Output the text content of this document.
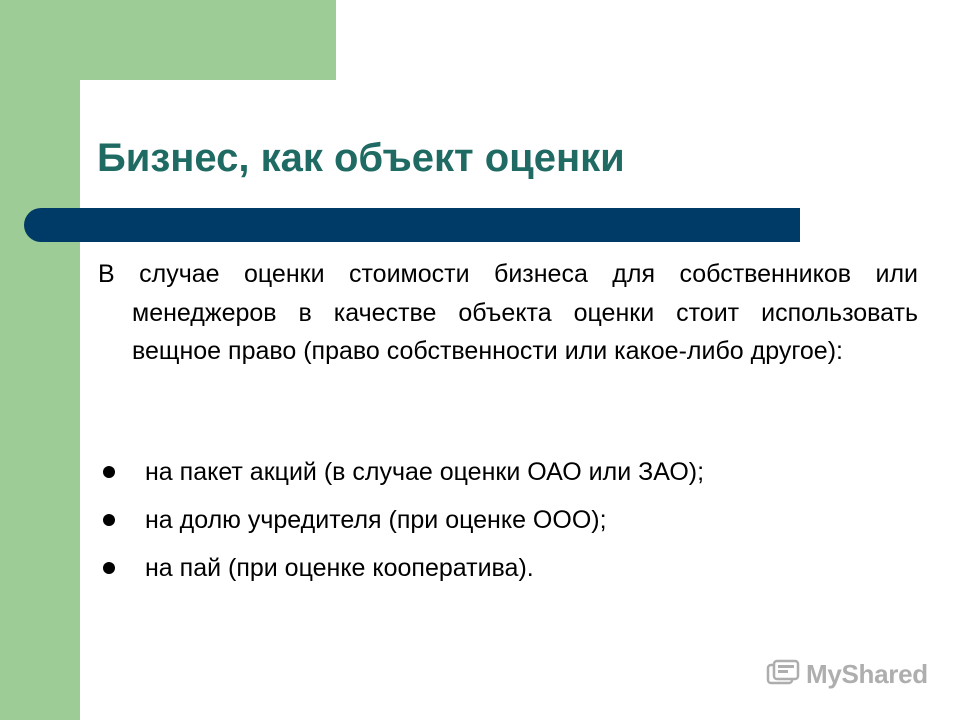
Бизнес, как объект оценки

В случае оценки стоимости бизнеса для собственников или менеджеров в качестве объекта оценки стоит использовать вещное право (право собственности или какое-либо другое):

на пакет акций (в случае оценки ОАО или ЗАО);
на долю учредителя (при оценке ООО);
на пай (при оценке кооператива).
MyShared
